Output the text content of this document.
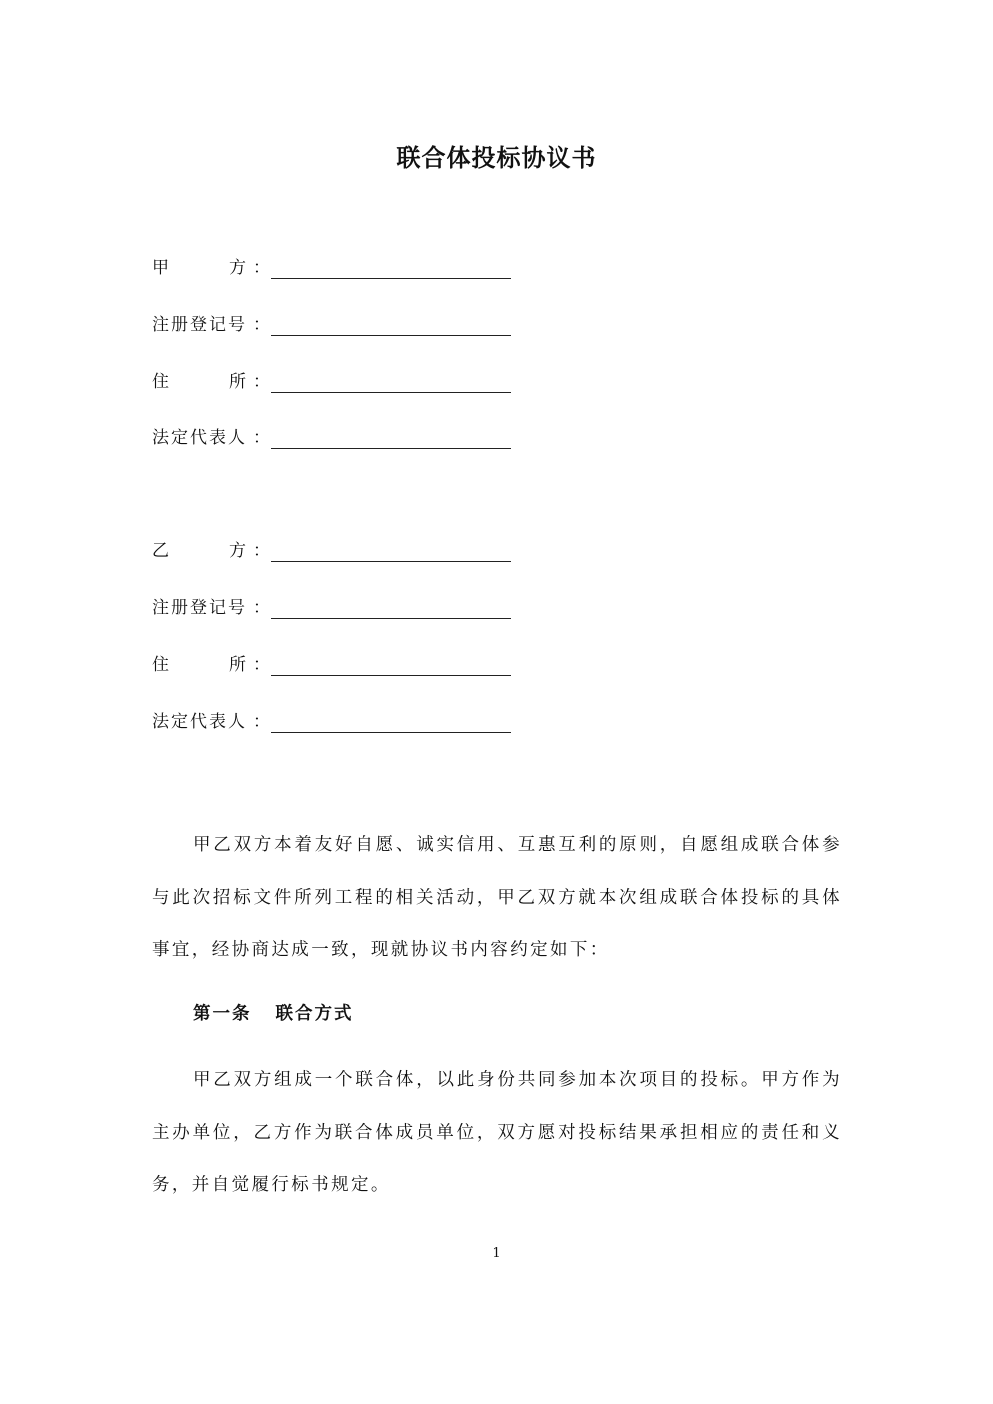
联合体投标协议书
甲	方 ：
注册登记号 ：
住	所 ：
法定代表人 ：
乙	方 ：
注册登记号 ：
住	所 ：
法定代表人 ：

甲乙双方本着友好自愿、诚实信用、互惠互利的原则，自愿组成联合体参与此次招标文件所列工程的相关活动，甲乙双方就本次组成联合体投标的具体事宜，经协商达成一致，现就协议书内容约定如下：

第一条 联合方式

甲乙双方组成一个联合体，以此身份共同参加本次项目的投标。甲方作为主办单位，乙方作为联合体成员单位，双方愿对投标结果承担相应的责任和义务，并自觉履行标书规定。

1
